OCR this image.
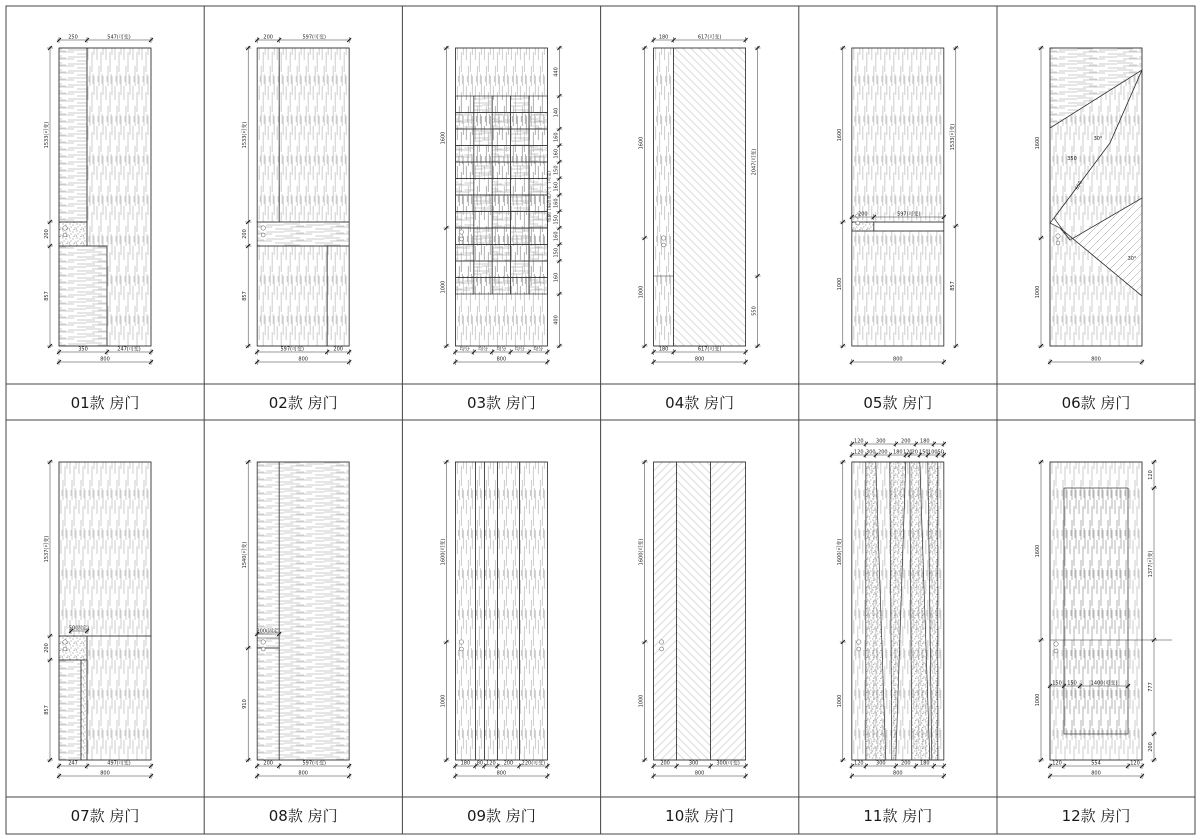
250	547(可变)
350	247(可变)
800
1533(可变)
200
857
200	597(可变)
597(可变)	200
800
1533(可变)
200
857
1600
1000
440
140
160
160
150
160
160
150
160
150
160
400
根据门扇高度尺寸（可变）
均分 均分 均分 均分 均分
800
180	617(可变)
180	617(可变)
800
1600
1000
2047(可变)
550
200	597(可变)
800
1600
1000
1533(可变)
857
800
1600
1000
30°
350
650
30°
50(固定)
247	497(可变)
800
1537(可变)
200
857
200(固定)
200	597(可变)
800
1540(可变)
910
180 80 120 200 220(可变)
800
1600(可变)
1000
200	300	300(可变)
800
1600(可变)
1000
120 300	200 180
120 300 200 180 120 20 150 100 50
120 300	200 180
800
1600(可变)
1000
150 150	1400(可变)
120	554	120
800
1600
1000
120
1377(可变)
777
200
01款 房门	02款 房门	03款 房门	04款 房门	05款 房门	06款 房门
07款 房门	08款 房门	09款 房门	10款 房门	11款 房门	12款 房门
